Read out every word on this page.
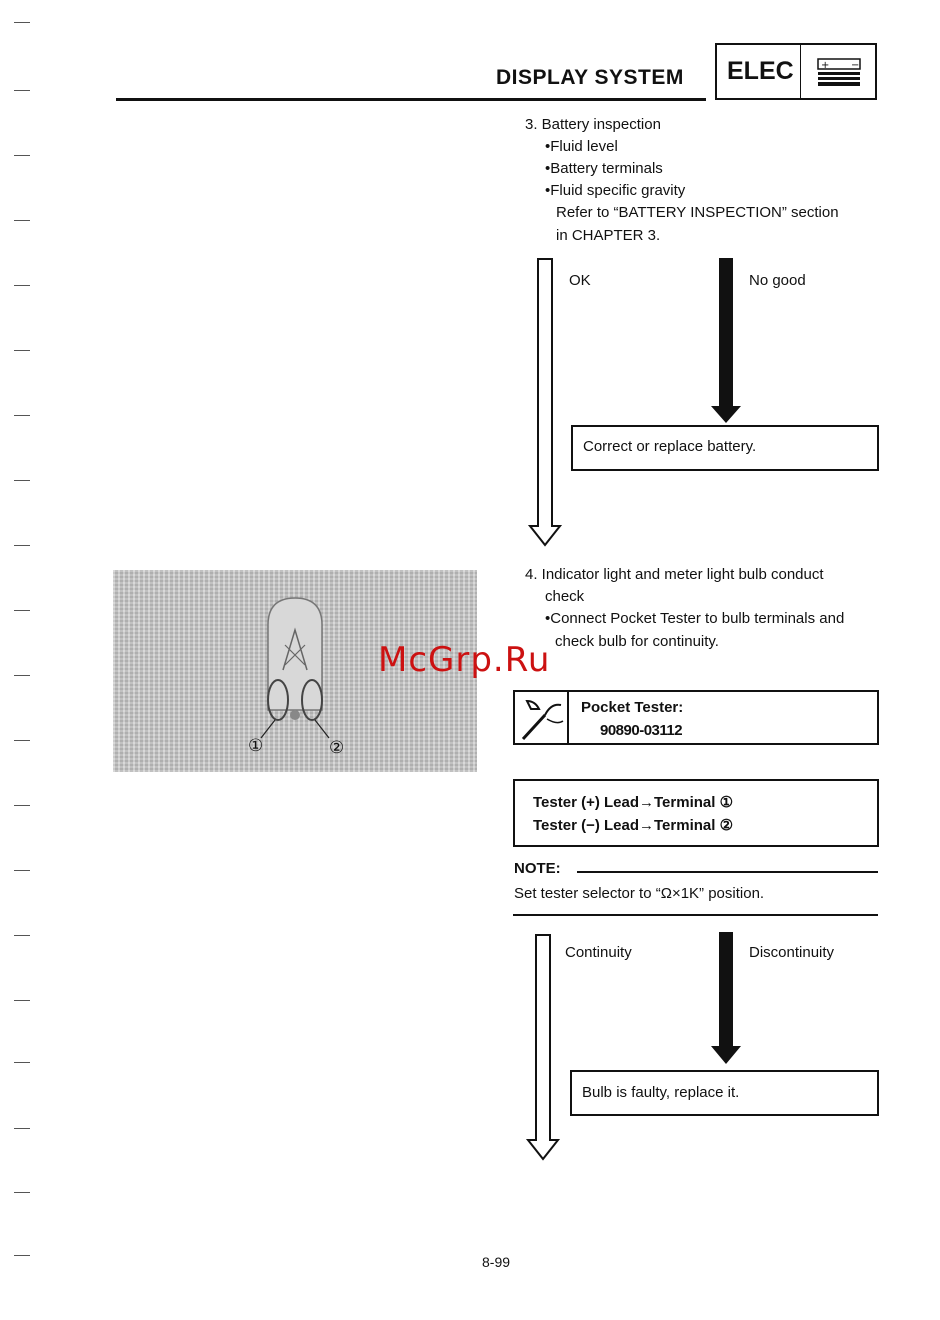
DISPLAY SYSTEM ELEC	+ −
3. Battery inspection
•Fluid level
•Battery terminals
•Fluid specific gravity
Refer to “BATTERY INSPECTION” section
in CHAPTER 3.
OK	No good
Correct or replace battery.
①	②
McGrp.Ru
4. Indicator light and meter light bulb conduct
check
•Connect Pocket Tester to bulb terminals and
check bulb for continuity.
Pocket Tester:
90890-03112
Tester (+) Lead→Terminal ①
Tester (−) Lead→Terminal ②
NOTE:
Set tester selector to “Ω×1K” position.
Continuity	Discontinuity
Bulb is faulty, replace it.
8-99
